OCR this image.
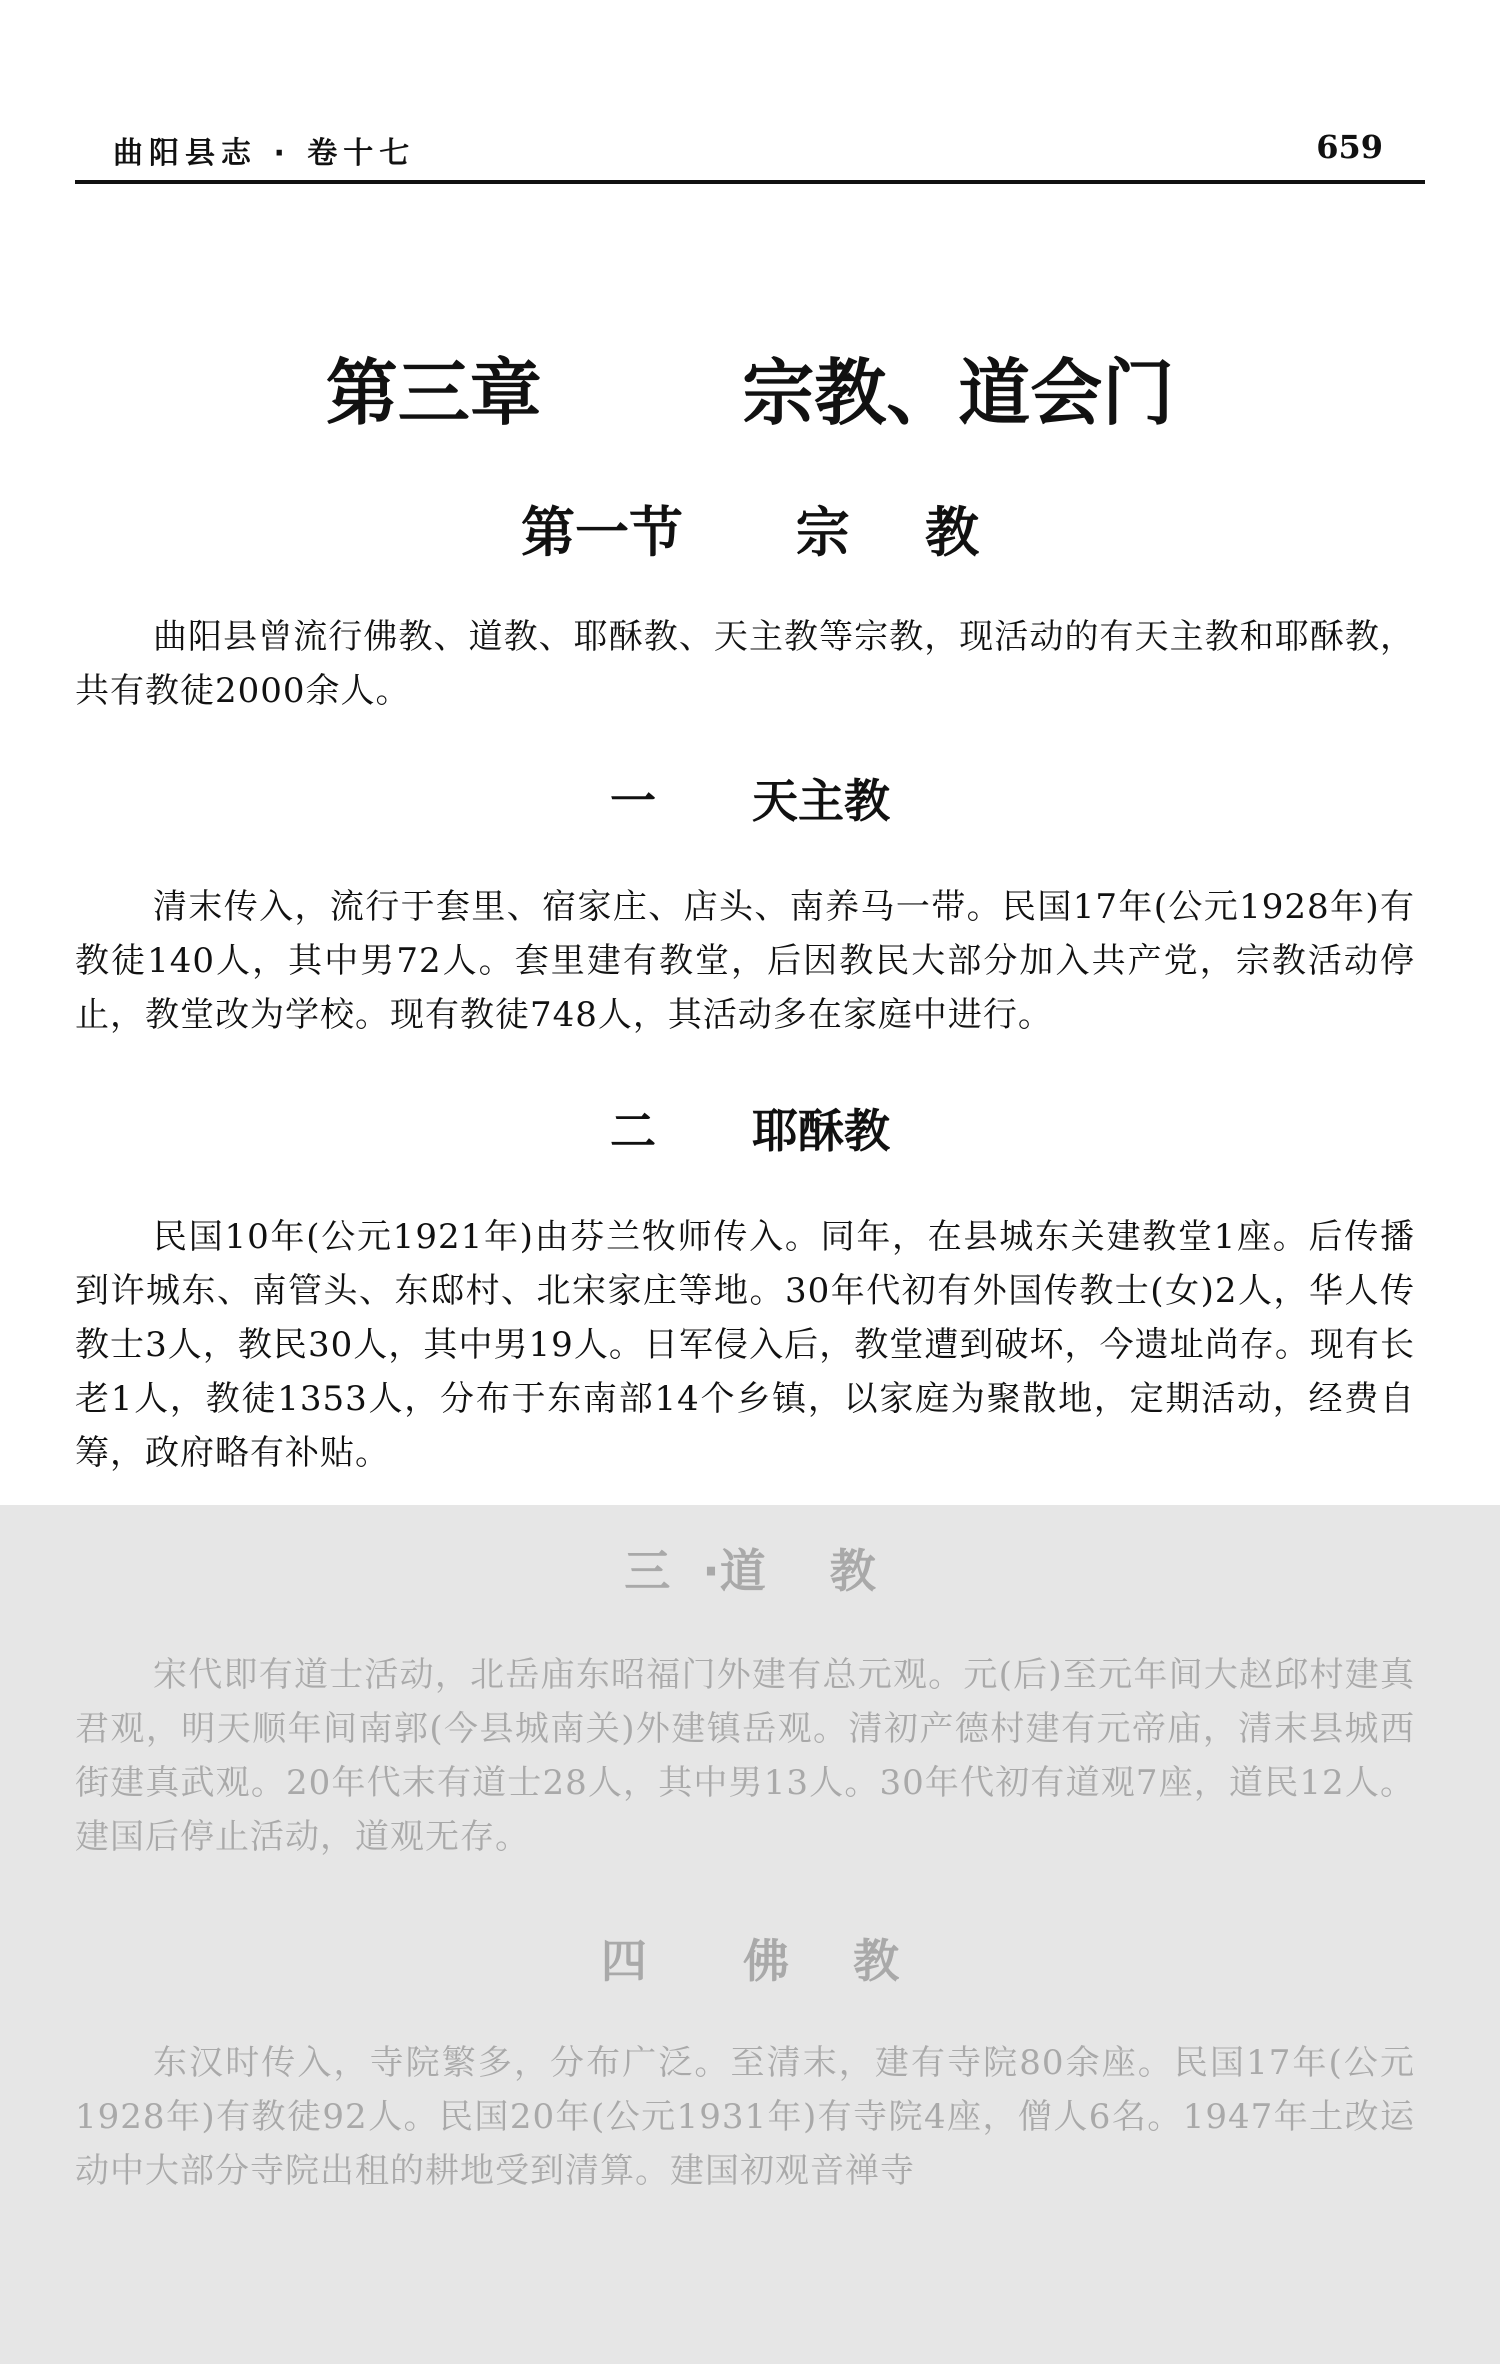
曲阳县志 · 卷十七	659
第三章        宗教、道会门
第一节      宗    教
曲阳县曾流行佛教、道教、耶酥教、天主教等宗教，现活动的有天主教和耶酥教，共有教徒2000余人。
一      天主教
清末传入，流行于套里、宿家庄、店头、南养马一带。民国17年(公元1928年)有教徒140人，其中男72人。套里建有教堂，后因教民大部分加入共产党，宗教活动停止，教堂改为学校。现有教徒748人，其活动多在家庭中进行。
二      耶酥教
民国10年(公元1921年)由芬兰牧师传入。同年，在县城东关建教堂1座。后传播到许城东、南管头、东邸村、北宋家庄等地。30年代初有外国传教士(女)2人，华人传教士3人，教民30人，其中男19人。日军侵入后，教堂遭到破坏，今遗址尚存。现有长老1人，教徒1353人，分布于东南部14个乡镇，以家庭为聚散地，定期活动，经费自筹，政府略有补贴。
三  ·道    教
宋代即有道士活动，北岳庙东昭福门外建有总元观。元(后)至元年间大赵邱村建真君观，明天顺年间南郭(今县城南关)外建镇岳观。清初产德村建有元帝庙，清末县城西街建真武观。20年代末有道士28人，其中男13人。30年代初有道观7座，道民12人。建国后停止活动，道观无存。
四      佛    教
东汉时传入，寺院繁多，分布广泛。至清末，建有寺院80余座。民国17年(公元1928年)有教徒92人。民国20年(公元1931年)有寺院4座，僧人6名。1947年土改运动中大部分寺院出租的耕地受到清算。建国初观音禅寺
